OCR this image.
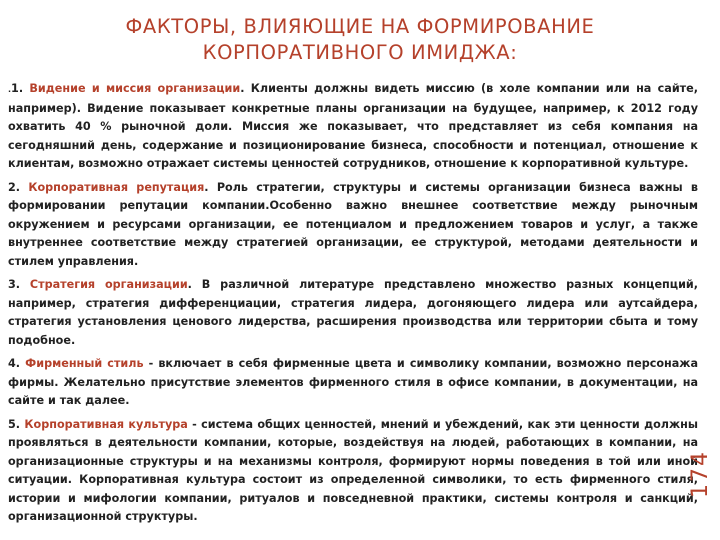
ФАКТОРЫ, ВЛИЯЮЩИЕ НА ФОРМИРОВАНИЕ
КОРПОРАТИВНОГО ИМИДЖА:
.1. Видение и миссия организации. Клиенты должны видеть миссию (в холе компании или на сайте, например). Видение показывает конкретные планы организации на будущее, например, к 2012 году охватить 40 % рыночной доли. Миссия же показывает, что представляет из себя компания на сегодняшний день, содержание и позиционирование бизнеса, способности и потенциал, отношение к клиентам, возможно отражает системы ценностей сотрудников, отношение к корпоративной культуре.
2. Корпоративная репутация. Роль стратегии, структуры и системы организации бизнеса важны в формировании репутации компании.Особенно важно внешнее соответствие между рыночным окружением и ресурсами организации, ее потенциалом и предложением товаров и услуг, а также внутреннее соответствие между стратегией организации, ее структурой, методами деятельности и стилем управления.
3. Стратегия организации. В различной литературе представлено множество разных концепций, например, стратегия дифференциации, стратегия лидера, догоняющего лидера или аутсайдера, стратегия установления ценового лидерства, расширения производства или территории сбыта и тому подобное.
4. Фирменный стиль - включает в себя фирменные цвета и символику компании, возможно персонажа фирмы. Желательно присутствие элементов фирменного стиля в офисе компании, в документации, на сайте и так далее.
5. Корпоративная культура - система общих ценностей, мнений и убеждений, как эти ценности должны проявляться в деятельности компании, которые, воздействуя на людей, работающих в компании, на организационные структуры и на механизмы контроля, формируют нормы поведения в той или иной ситуации. Корпоративная культура состоит из определенной символики, то есть фирменного стиля, истории и мифологии компании, ритуалов и повседневной практики, системы контроля и санкций, организационной структуры.
174
